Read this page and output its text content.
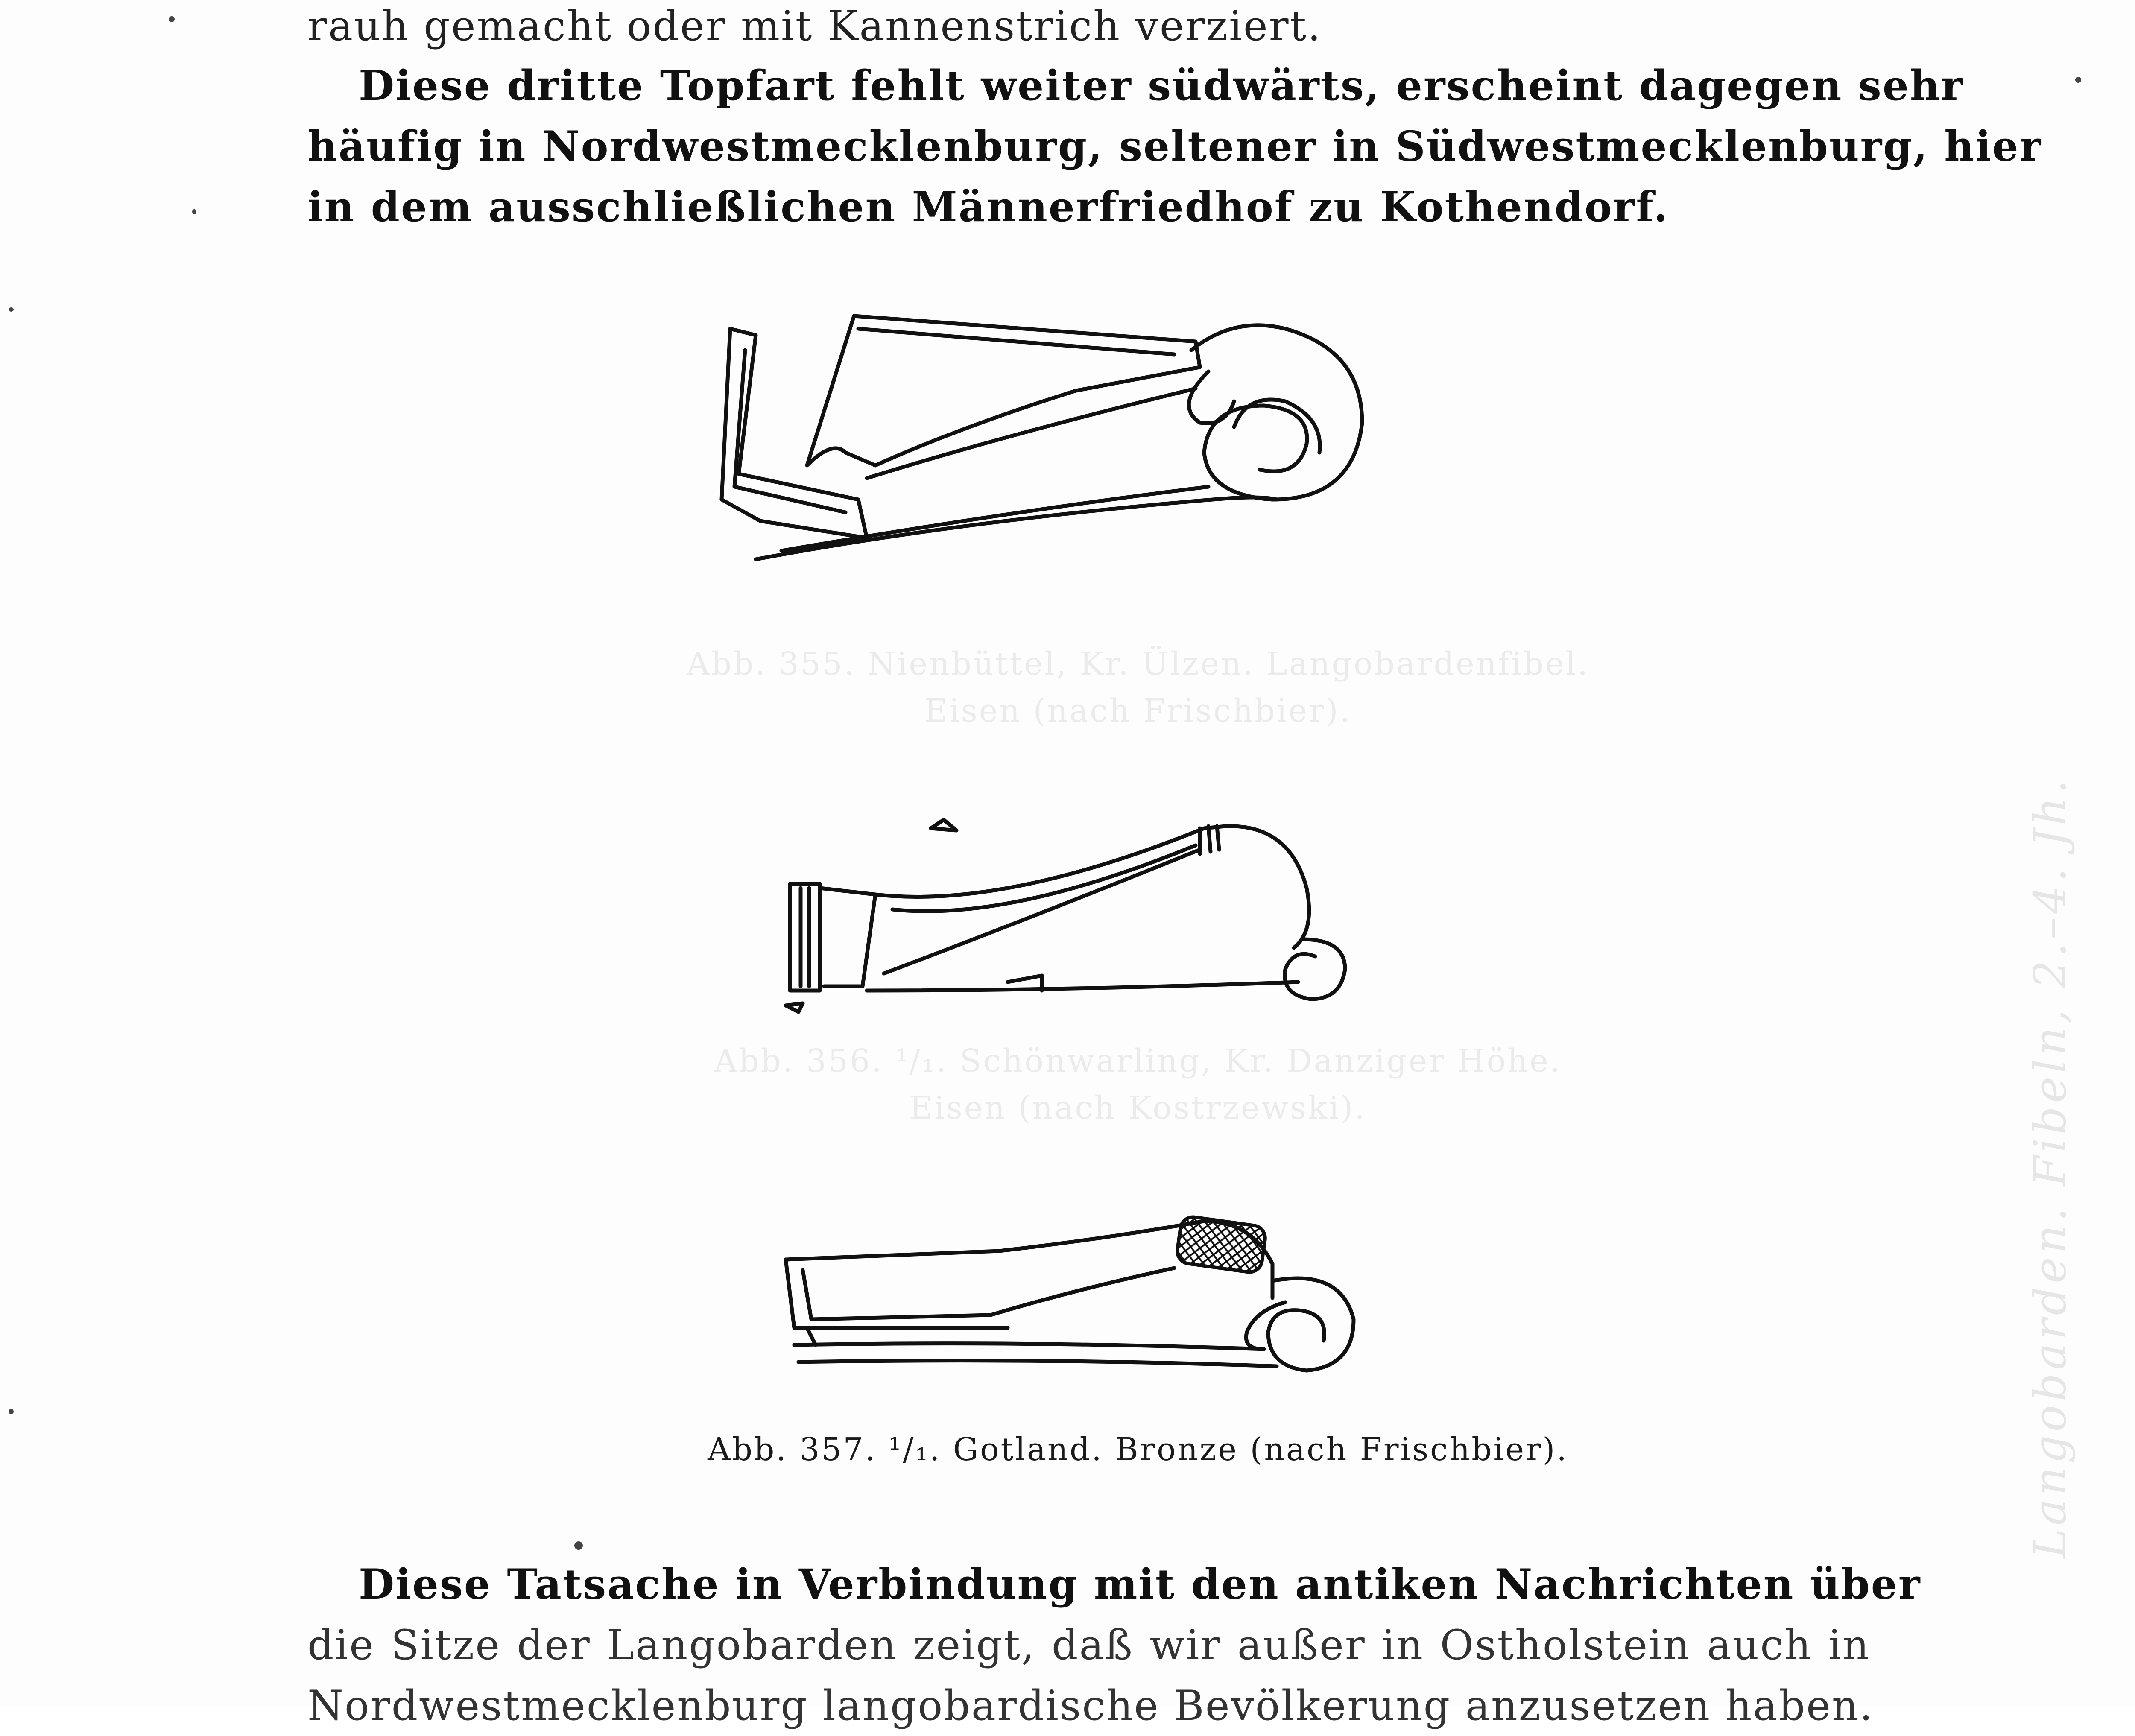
rauh gemacht oder mit Kannenstrich verziert.
Diese dritte Topfart fehlt weiter südwärts, erscheint dagegen sehr
häufig in Nordwestmecklenburg, seltener in Südwestmecklenburg, hier
in dem ausschließlichen Männerfriedhof zu Kothendorf.
Abb. 355. Nienbüttel, Kr. Ülzen. Langobardenfibel.
Eisen (nach Frischbier).
Abb. 356. ¹/₁. Schönwarling, Kr. Danziger Höhe.
Eisen (nach Kostrzewski).
Abb. 357. ¹/₁. Gotland. Bronze (nach Frischbier).
Diese Tatsache in Verbindung mit den antiken Nachrichten über
die Sitze der Langobarden zeigt, daß wir außer in Ostholstein auch in
Nordwestmecklenburg langobardische Bevölkerung anzusetzen haben.
Langobarden. Fibeln, 2.–4. Jh.
